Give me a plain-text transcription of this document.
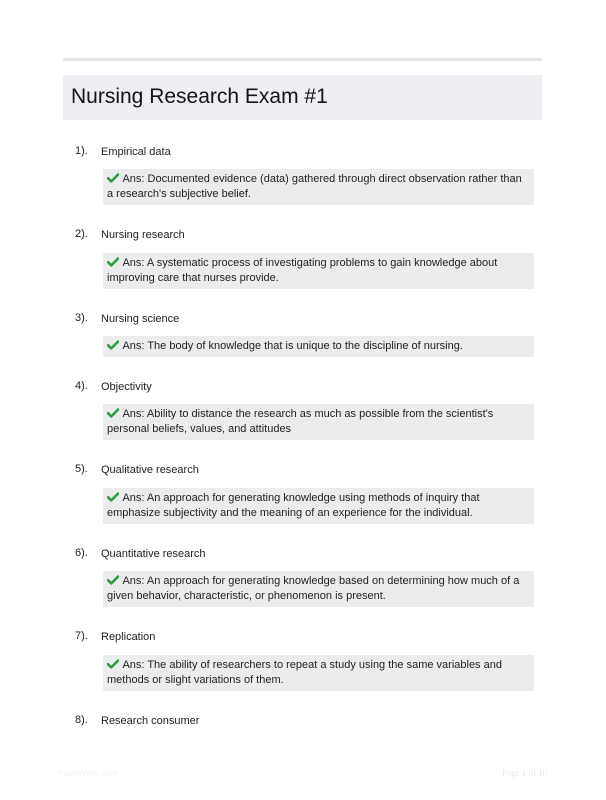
Nursing Research Exam #1
1). Empirical data
Ans: Documented evidence (data) gathered through direct observation rather than a research's subjective belief.
2). Nursing research
Ans: A systematic process of investigating problems to gain knowledge about improving care that nurses provide.
3). Nursing science
Ans: The body of knowledge that is unique to the discipline of nursing.
4). Objectivity
Ans: Ability to distance the research as much as possible from the scientist's personal beliefs, values, and attitudes
5). Qualitative research
Ans: An approach for generating knowledge using methods of inquiry that emphasize subjectivity and the meaning of an experience for the individual.
6). Quantitative research
Ans: An approach for generating knowledge based on determining how much of a given behavior, characteristic, or phenomenon is present.
7). Replication
Ans: The ability of researchers to repeat a study using the same variables and methods or slight variations of them.
8). Research consumer
PaperWiki.com	Page 1 of 10
